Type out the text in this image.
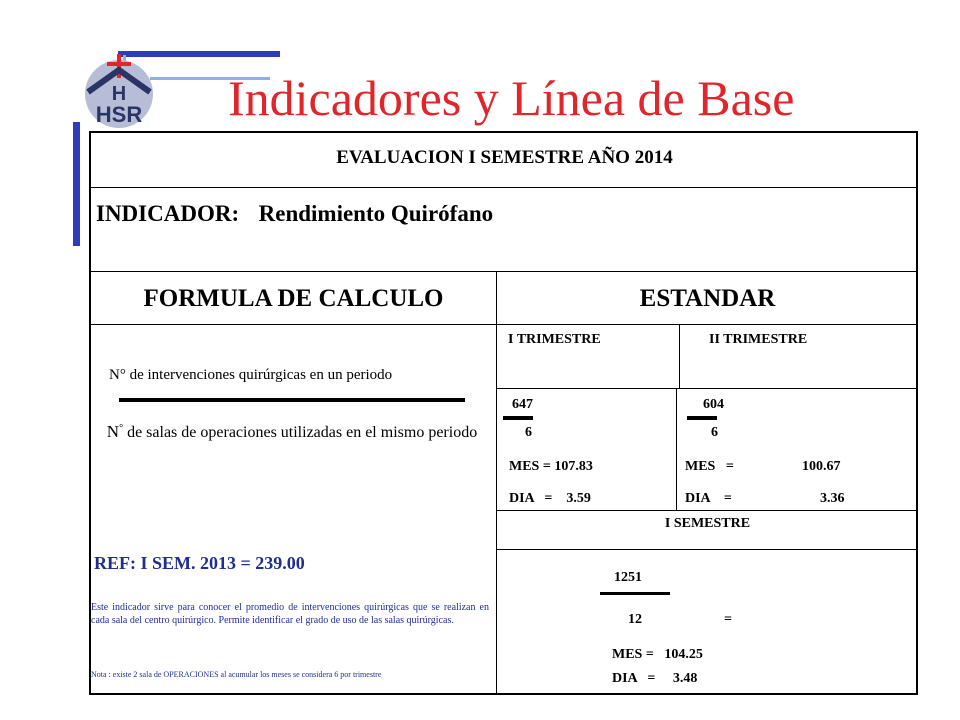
H
HSR Indicadores y Línea de Base
EVALUACION I SEMESTRE AÑO 2014
INDICADOR: Rendimiento Quirófano
FORMULA DE CALCULO	ESTANDAR
N° de intervenciones quirúrgicas en un periodo
N° de salas de operaciones utilizadas en el mismo periodo
REF: I SEM. 2013 = 239.00
Este indicador sirve para conocer el promedio de intervenciones quirúrgicas que se realizan en cada sala del centro quirúrgico. Permite identificar el grado de uso de las salas quirúrgicas.
Nota : existe 2 sala de OPERACIONES al acumular los meses se considera 6 por trimestre
I TRIMESTRE
647
6
MES = 107.83
DIA   =    3.59
II TRIMESTRE
604
6
MES   =	100.67
DIA    =	3.36
I SEMESTRE
1251
12	=
MES =   104.25
DIA   =     3.48
